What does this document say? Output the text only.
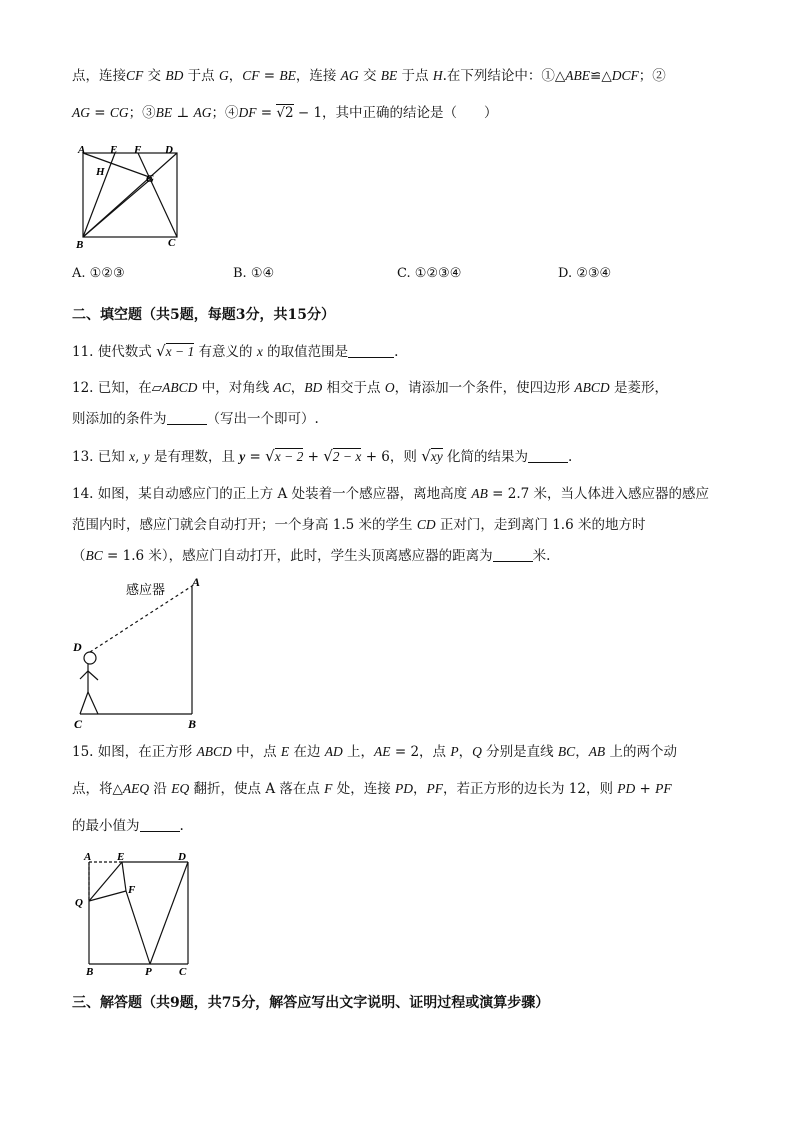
点，连接CF 交 BD 于点 G，CF = BE，连接 AG 交 BE 于点 H.在下列结论中：①△ABE≌△DCF；②
AG = CG；③BE ⊥ AG；④DF = √2 − 1，其中正确的结论是（　　）
A E F D
H
G
B	C
A. ①②③	B. ①④	C. ①②③④	D. ②③④
二、填空题（共5题，每题3分，共15分）
11. 使代数式 √x − 1 有意义的 x 的取值范围是	.
12. 已知，在▱ABCD 中，对角线 AC，BD 相交于点 O，请添加一个条件，使四边形 ABCD 是菱形，
则添加的条件为	（写出一个即可）.
13. 已知 x, y 是有理数，且 y = √x − 2 + √2 − x + 6，则 √xy 化简的结果为	.
14. 如图，某自动感应门的正上方 A 处装着一个感应器，离地高度 AB = 2.7 米，当人体进入感应器的感应
范围内时，感应门就会自动打开；一个身高 1.5 米的学生 CD 正对门，走到离门 1.6 米的地方时
（BC = 1.6 米），感应门自动打开，此时，学生头顶离感应器的距离为	米.
感应器
A
D
C	B
15. 如图，在正方形 ABCD 中，点 E 在边 AD 上，AE = 2，点 P，Q 分别是直线 BC，AB 上的两个动
点，将△AEQ 沿 EQ 翻折，使点 A 落在点 F 处，连接 PD，PF，若正方形的边长为 12，则 PD + PF
的最小值为	.
A E	D
F
Q
B	P C
三、解答题（共9题，共75分，解答应写出文字说明、证明过程或演算步骤）
